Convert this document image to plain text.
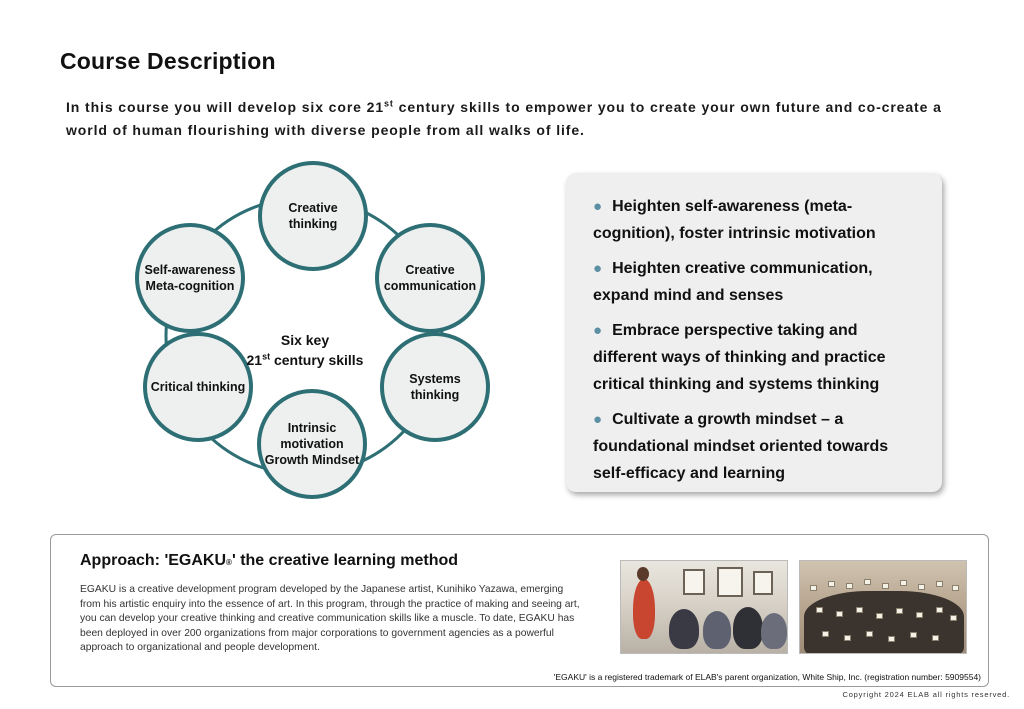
Course Description
In this course you will develop six core 21st century skills to empower you to create your own future and co-create a world of human flourishing with diverse people from all walks of life.
Creative thinking
Creative communication
Systems thinking
Intrinsic motivation Growth Mindset
Critical thinking
Self-awareness Meta-cognition
Six key
21st century skills
● Heighten self-awareness (meta-cognition), foster intrinsic motivation
● Heighten creative communication, expand mind and senses
● Embrace perspective taking and different ways of thinking and practice critical thinking and systems thinking
● Cultivate a growth mindset – a foundational mindset oriented towards self-efficacy and learning
Approach: 'EGAKU®' the creative learning method
EGAKU is a creative development program developed by the Japanese artist, Kunihiko Yazawa, emerging from his artistic enquiry into the essence of art. In this program, through the practice of making and seeing art, you can develop your creative thinking and creative communication skills like a muscle. To date, EGAKU has been deployed in over 200 organizations from major corporations to government agencies as a powerful approach to organizational and people development.
'EGAKU' is a registered trademark of ELAB's parent organization, White Ship, Inc. (registration number: 5909554)
Copyright 2024 ELAB all rights reserved.
